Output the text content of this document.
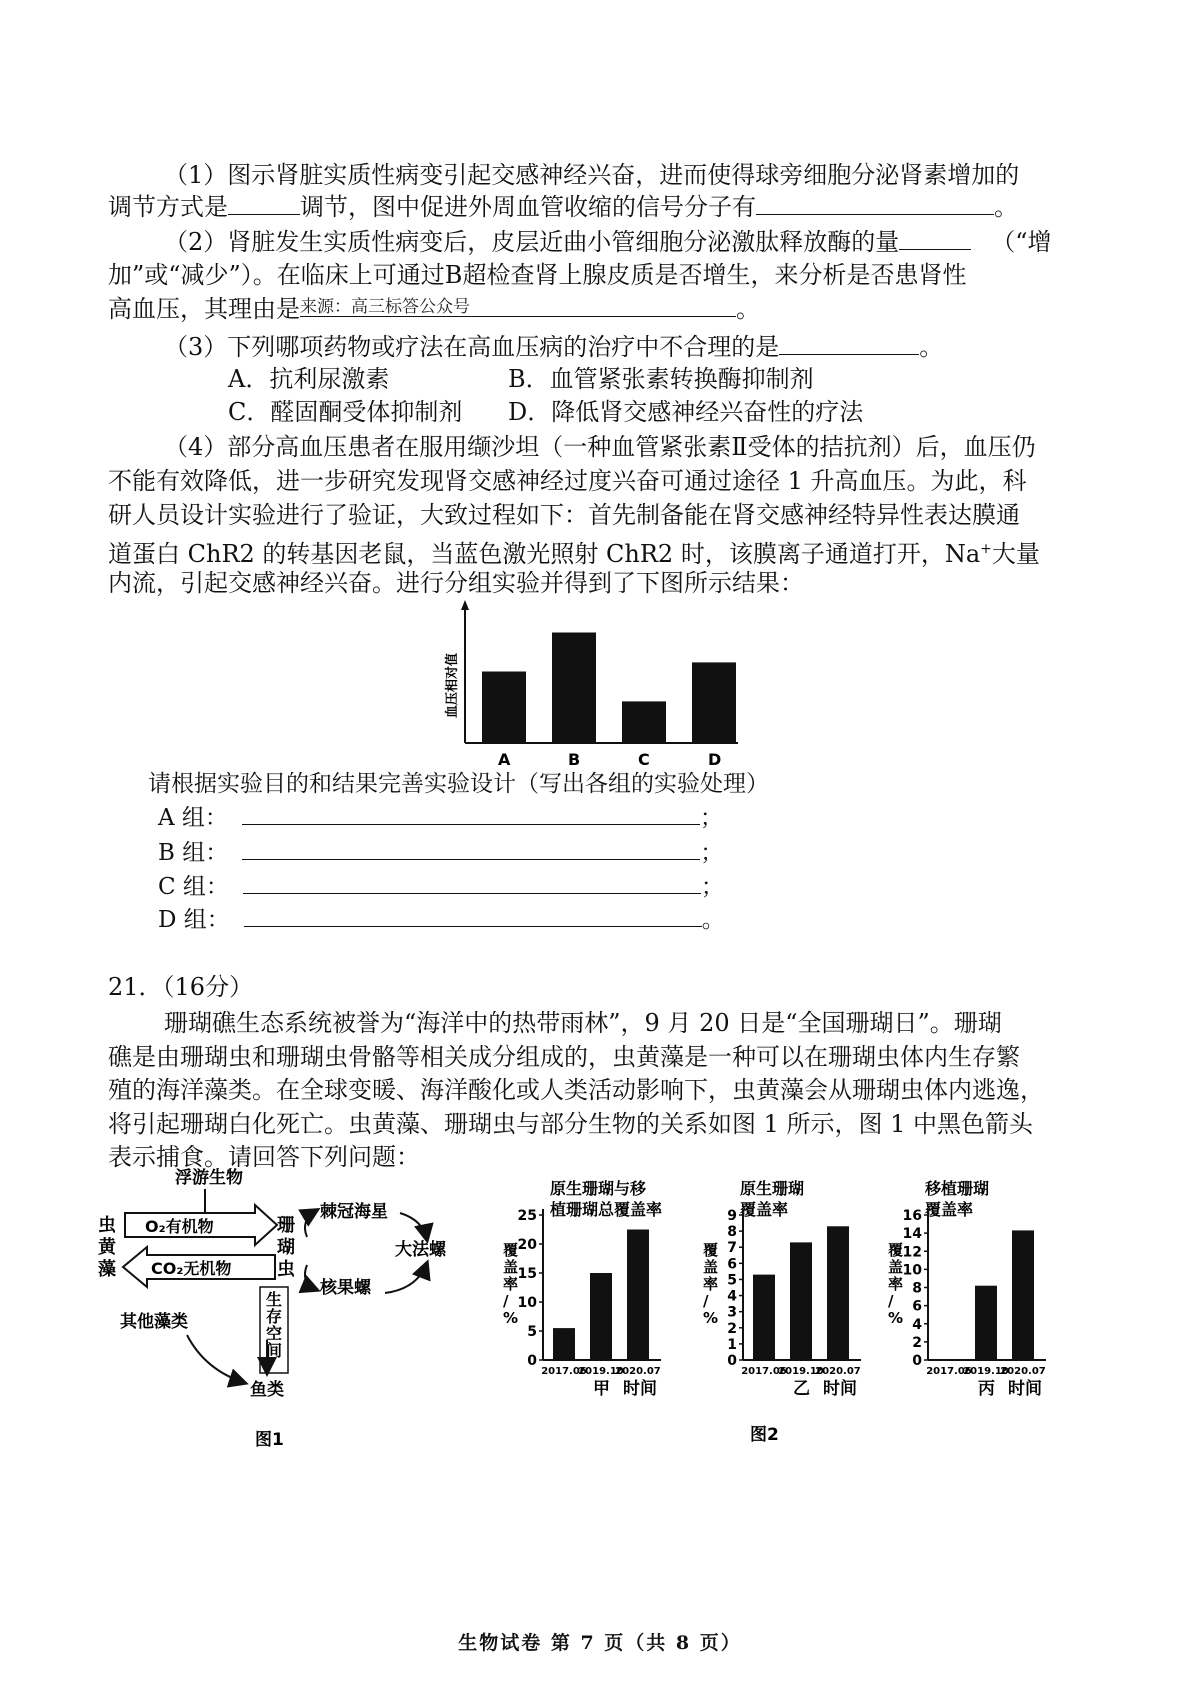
（1）图示肾脏实质性病变引起交感神经兴奋，进而使得球旁细胞分泌肾素增加的
调节方式是	调节，图中促进外周血管收缩的信号分子有	。
（2）肾脏发生实质性病变后，皮层近曲小管细胞分泌激肽释放酶的量	（“增
加”或“减少”）。在临床上可通过B超检查肾上腺皮质是否增生，来分析是否患肾性
高血压，其理由是 来源：高三标答公众号	。
（3）下列哪项药物或疗法在高血压病的治疗中不合理的是	。
A．抗利尿激素	B．血管紧张素转换酶抑制剂
C．醛固酮受体抑制剂 D．降低肾交感神经兴奋性的疗法
（4）部分高血压患者在服用缬沙坦（一种血管紧张素Ⅱ受体的拮抗剂）后，血压仍
不能有效降低，进一步研究发现肾交感神经过度兴奋可通过途径 1 升高血压。为此，科
研人员设计实验进行了验证，大致过程如下：首先制备能在肾交感神经特异性表达膜通
道蛋白 ChR2 的转基因老鼠，当蓝色激光照射 ChR2 时，该膜离子通道打开，Na+大量
内流，引起交感神经兴奋。进行分组实验并得到了下图所示结果：
血压相对值
A	B	C	D
请根据实验目的和结果完善实验设计（写出各组的实验处理）
A 组：	；
B 组：	；
C 组：	；
D 组：	。
21．（16分）
珊瑚礁生态系统被誉为“海洋中的热带雨林”，9 月 20 日是“全国珊瑚日”。珊瑚
礁是由珊瑚虫和珊瑚虫骨骼等相关成分组成的，虫黄藻是一种可以在珊瑚虫体内生存繁
殖的海洋藻类。在全球变暖、海洋酸化或人类活动影响下，虫黄藻会从珊瑚虫体内逃逸，
将引起珊瑚白化死亡。虫黄藻、珊瑚虫与部分生物的关系如图 1 所示，图 1 中黑色箭头
表示捕食。请回答下列问题：
浮游生物
虫黄藻
O₂有机物
CO₂无机物
珊瑚虫
棘冠海星
大法螺
核果螺
生存空间
其他藻类
鱼类
图1
原生珊瑚与移植珊瑚总覆盖率
覆盖率/ %
0
5
10
15
20
25
2017.06
2019.10
2020.07
甲 时间
原生珊瑚覆盖率
覆盖率/ %
0
1
2
3
4
5
6
7
8
9
2017.06
2019.10
2020.07
乙 时间
移植珊瑚覆盖率
覆盖率/ %
0
2
4
6
8
10
12
14
16
2017.06
2019.10
2020.07
丙 时间
图2
生物试卷 第 7 页（共 8 页）
